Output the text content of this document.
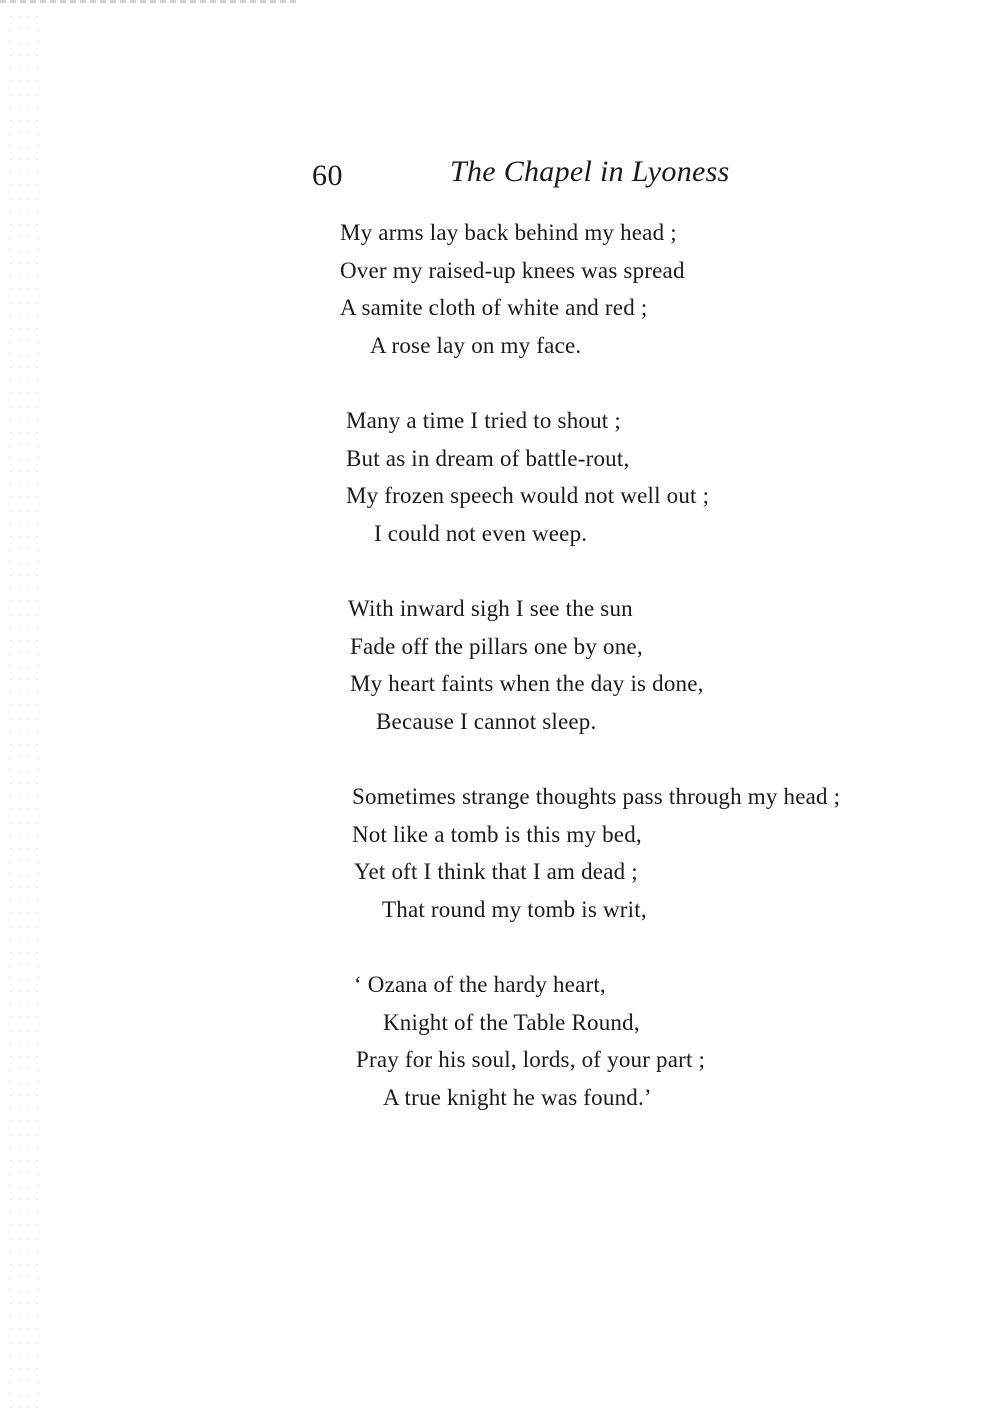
60	The Chapel in Lyoness
My arms lay back behind my head ;
Over my raised-up knees was spread
A samite cloth of white and red ;
A rose lay on my face.
Many a time I tried to shout ;
But as in dream of battle-rout,
My frozen speech would not well out ;
I could not even weep.
With inward sigh I see the sun
Fade off the pillars one by one,
My heart faints when the day is done,
Because I cannot sleep.
Sometimes strange thoughts pass through my head ;
Not like a tomb is this my bed,
Yet oft I think that I am dead ;
That round my tomb is writ,
‘ Ozana of the hardy heart,
Knight of the Table Round,
Pray for his soul, lords, of your part ;
A true knight he was found.’
